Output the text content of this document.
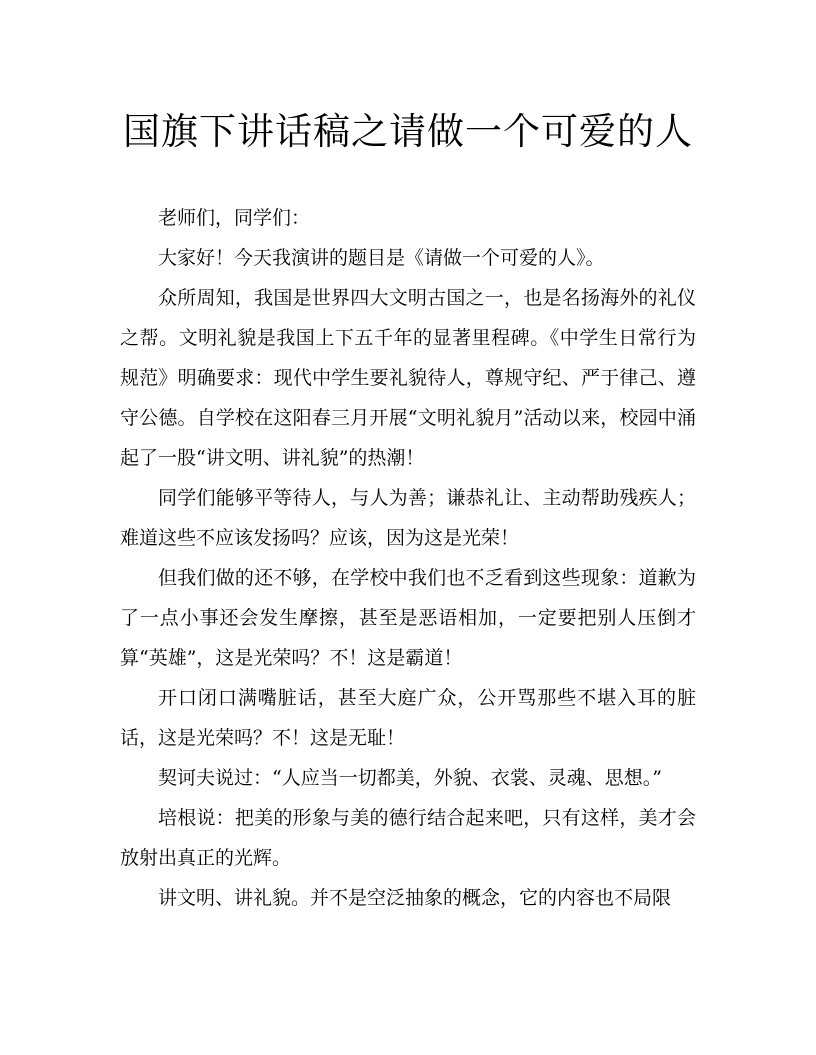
国旗下讲话稿之请做一个可爱的人

老师们，同学们：

大家好！今天我演讲的题目是《请做一个可爱的人》。

众所周知，我国是世界四大文明古国之一，也是名扬海外的礼仪之帮。文明礼貌是我国上下五千年的显著里程碑。《中学生日常行为规范》明确要求：现代中学生要礼貌待人，尊规守纪、严于律己、遵守公德。自学校在这阳春三月开展“文明礼貌月”活动以来，校园中涌起了一股“讲文明、讲礼貌”的热潮！

同学们能够平等待人，与人为善；谦恭礼让、主动帮助残疾人；难道这些不应该发扬吗？应该，因为这是光荣！

但我们做的还不够，在学校中我们也不乏看到这些现象：道歉为了一点小事还会发生摩擦，甚至是恶语相加，一定要把别人压倒才算“英雄”，这是光荣吗？不！这是霸道！

开口闭口满嘴脏话，甚至大庭广众，公开骂那些不堪入耳的脏话，这是光荣吗？不！这是无耻！

契诃夫说过：“人应当一切都美，外貌、衣裳、灵魂、思想。”

培根说：把美的形象与美的德行结合起来吧，只有这样，美才会放射出真正的光辉。

讲文明、讲礼貌。并不是空泛抽象的概念，它的内容也不局限
